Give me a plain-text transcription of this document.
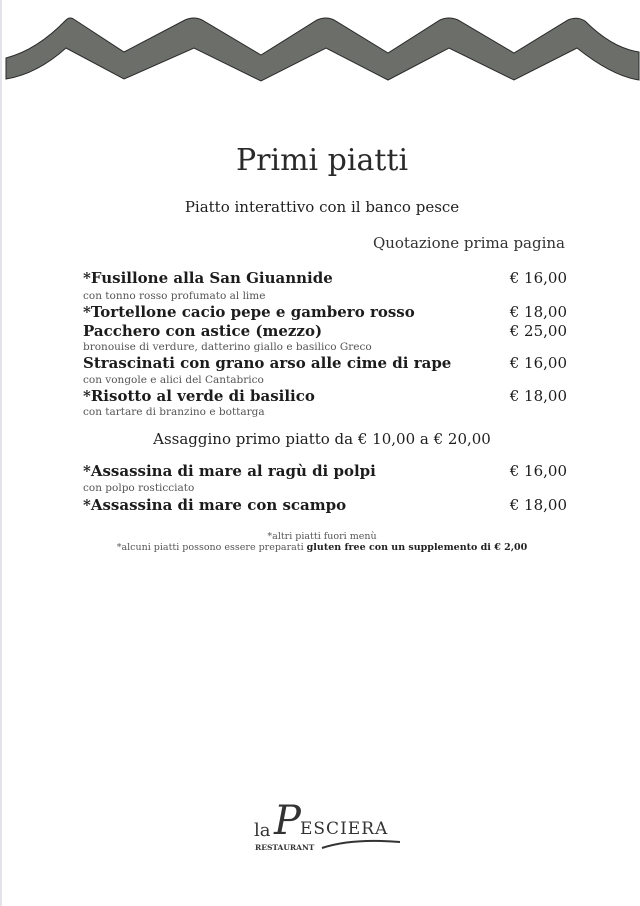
Primi piatti
Piatto interattivo con il banco pesce
Quotazione prima pagina
*Fusillone alla San Giuannide	€ 16,00
con tonno rosso profumato al lime
*Tortellone cacio pepe e gambero rosso	€ 18,00
Pacchero con astice (mezzo)	€ 25,00
bronouise di verdure, datterino giallo e basilico Greco
Strascinati con grano arso alle cime di rape	€ 16,00
con vongole e alici del Cantabrico
*Risotto al verde di basilico	€ 18,00
con tartare di branzino e bottarga
Assaggino primo piatto da € 10,00 a € 20,00
*Assassina di mare al ragù di polpi	€ 16,00
con polpo rosticciato
*Assassina di mare con scampo	€ 18,00
*altri piatti fuori menù
*alcuni piatti possono essere preparati gluten free con un supplemento di € 2,00
la P ESCIERA
RESTAURANT
